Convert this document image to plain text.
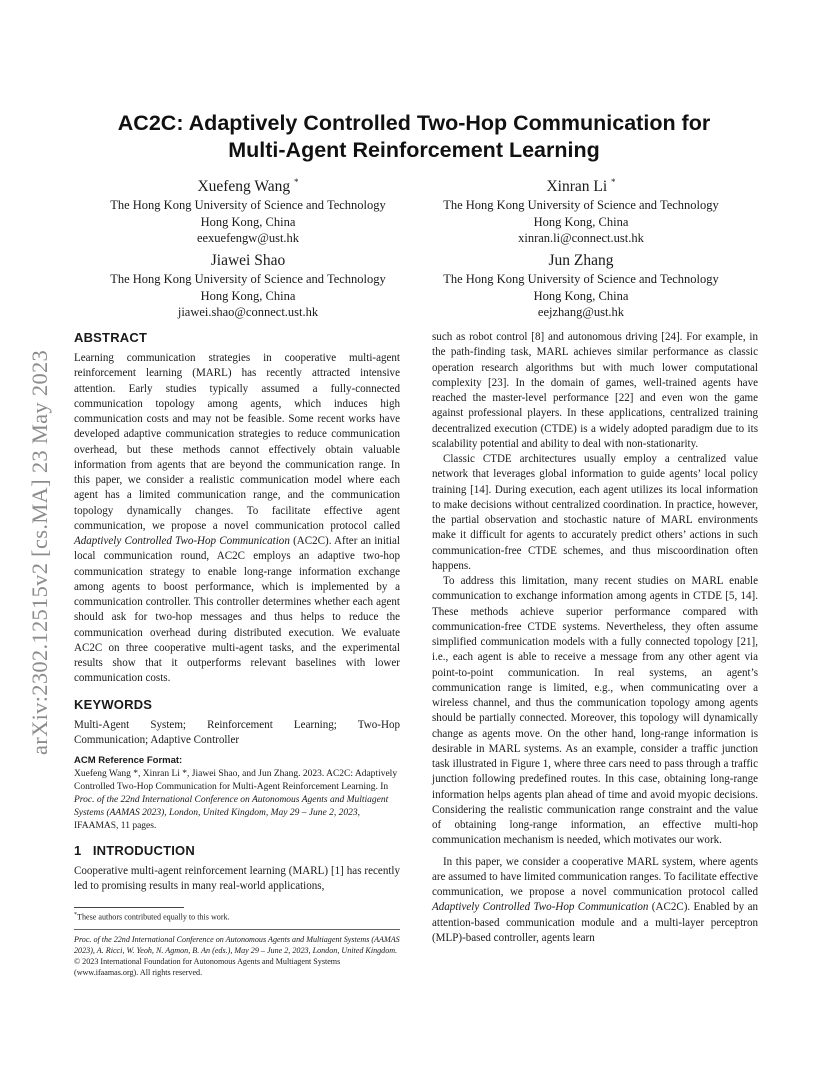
arXiv:2302.12515v2 [cs.MA] 23 May 2023
AC2C: Adaptively Controlled Two-Hop Communication for
Multi-Agent Reinforcement Learning
Xuefeng Wang *
The Hong Kong University of Science and Technology
Hong Kong, China
eexuefengw@ust.hk
Xinran Li *
The Hong Kong University of Science and Technology
Hong Kong, China
xinran.li@connect.ust.hk
Jiawei Shao
The Hong Kong University of Science and Technology
Hong Kong, China
jiawei.shao@connect.ust.hk
Jun Zhang
The Hong Kong University of Science and Technology
Hong Kong, China
eejzhang@ust.hk
ABSTRACT

Learning communication strategies in cooperative multi-agent reinforcement learning (MARL) has recently attracted intensive attention. Early studies typically assumed a fully-connected communication topology among agents, which induces high communication costs and may not be feasible. Some recent works have developed adaptive communication strategies to reduce communication overhead, but these methods cannot effectively obtain valuable information from agents that are beyond the communication range. In this paper, we consider a realistic communication model where each agent has a limited communication range, and the communication topology dynamically changes. To facilitate effective agent communication, we propose a novel communication protocol called Adaptively Controlled Two-Hop Communication (AC2C). After an initial local communication round, AC2C employs an adaptive two-hop communication strategy to enable long-range information exchange among agents to boost performance, which is implemented by a communication controller. This controller determines whether each agent should ask for two-hop messages and thus helps to reduce the communication overhead during distributed execution. We evaluate AC2C on three cooperative multi-agent tasks, and the experimental results show that it outperforms relevant baselines with lower communication costs.

KEYWORDS

Multi-Agent System; Reinforcement Learning; Two-Hop Communication; Adaptive Controller

ACM Reference Format:

Xuefeng Wang *, Xinran Li *, Jiawei Shao, and Jun Zhang. 2023. AC2C: Adaptively Controlled Two-Hop Communication for Multi-Agent Reinforcement Learning. In Proc. of the 22nd International Conference on Autonomous Agents and Multiagent Systems (AAMAS 2023), London, United Kingdom, May 29 – June 2, 2023, IFAAMAS, 11 pages.

1   INTRODUCTION

Cooperative multi-agent reinforcement learning (MARL) [1] has recently led to promising results in many real-world applications,

*These authors contributed equally to this work.
Proc. of the 22nd International Conference on Autonomous Agents and Multiagent Systems (AAMAS 2023), A. Ricci, W. Yeoh, N. Agmon, B. An (eds.), May 29 – June 2, 2023, London, United Kingdom. © 2023 International Foundation for Autonomous Agents and Multiagent Systems (www.ifaamas.org). All rights reserved.

such as robot control [8] and autonomous driving [24]. For example, in the path-finding task, MARL achieves similar performance as classic operation research algorithms but with much lower computational complexity [23]. In the domain of games, well-trained agents have reached the master-level performance [22] and even won the game against professional players. In these applications, centralized training decentralized execution (CTDE) is a widely adopted paradigm due to its scalability potential and ability to deal with non-stationarity.

Classic CTDE architectures usually employ a centralized value network that leverages global information to guide agents’ local policy training [14]. During execution, each agent utilizes its local information to make decisions without centralized coordination. In practice, however, the partial observation and stochastic nature of MARL environments make it difficult for agents to accurately predict others’ actions in such communication-free CTDE schemes, and thus miscoordination often happens.

To address this limitation, many recent studies on MARL enable communication to exchange information among agents in CTDE [5, 14]. These methods achieve superior performance compared with communication-free CTDE systems. Nevertheless, they often assume simplified communication models with a fully connected topology [21], i.e., each agent is able to receive a message from any other agent via point-to-point communication. In real systems, an agent’s communication range is limited, e.g., when communicating over a wireless channel, and thus the communication topology among agents should be partially connected. Moreover, this topology will dynamically change as agents move. On the other hand, long-range information is desirable in MARL systems. As an example, consider a traffic junction task illustrated in Figure 1, where three cars need to pass through a traffic junction following predefined routes. In this case, obtaining long-range information helps agents plan ahead of time and avoid myopic decisions. Considering the realistic communication range constraint and the value of obtaining long-range information, an effective multi-hop communication mechanism is needed, which motivates our work.

In this paper, we consider a cooperative MARL system, where agents are assumed to have limited communication ranges. To facilitate effective communication, we propose a novel communication protocol called Adaptively Controlled Two-Hop Communication (AC2C). Enabled by an attention-based communication module and a multi-layer perceptron (MLP)-based controller, agents learn
